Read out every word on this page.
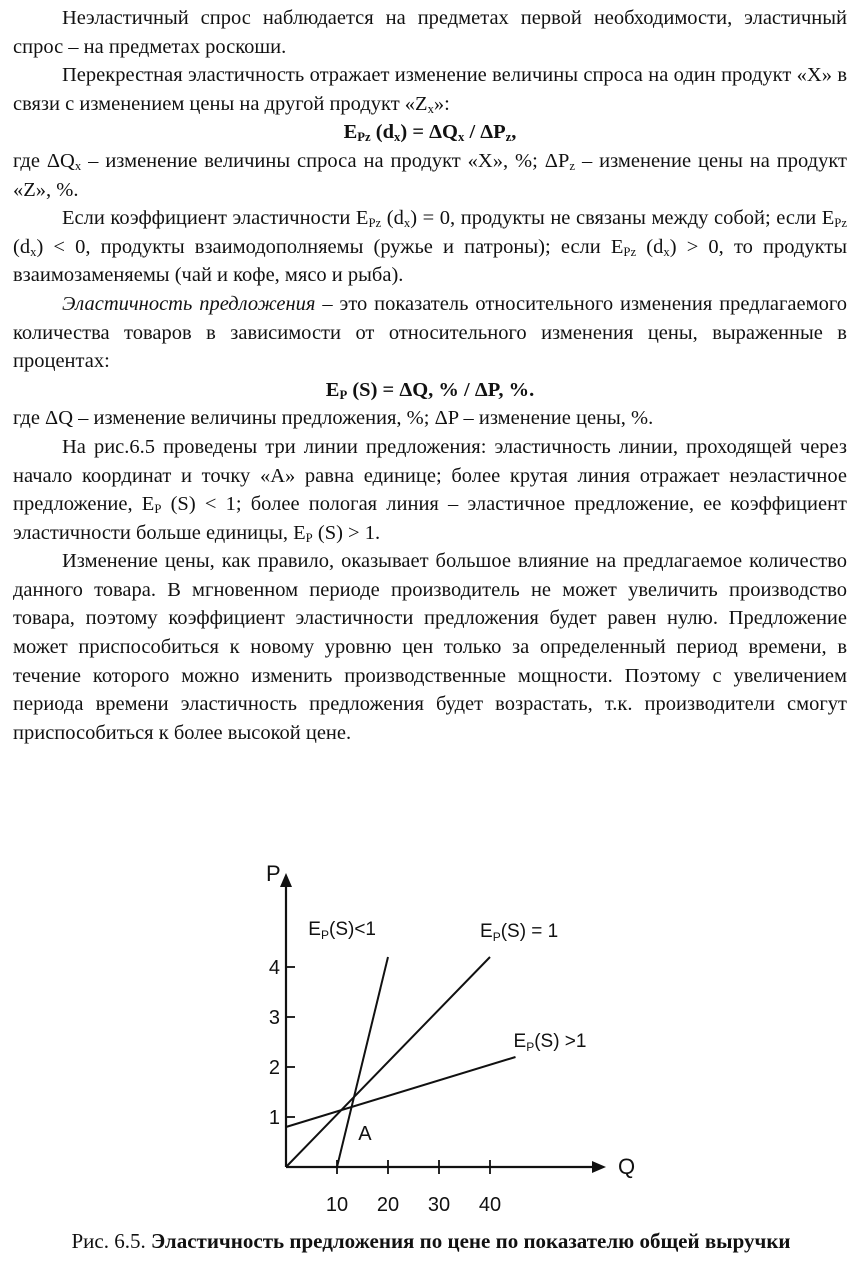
Неэластичный спрос наблюдается на предметах первой необходимости, эластичный спрос – на предметах роскоши.

Перекрестная эластичность отражает изменение величины спроса на один продукт «X» в связи с изменением цены на другой продукт «$Z_x$»:

$E_{Pz}$ $(d_x) = \Delta Q_x / \Delta P_z$,

где $\Delta Q_x$ – изменение величины спроса на продукт «X», %; $\Delta P_z$ – изменение цены на продукт «Z», %.

Если коэффициент эластичности $E_{Pz}$ $(d_x) = 0$, продукты не связаны между собой; если $E_{Pz}$ $(d_x) < 0$, продукты взаимодополняемы (ружье и патроны); если $E_{Pz}$ $(d_x) > 0$, то продукты взаимозаменяемы (чай и кофе, мясо и рыба).

Эластичность предложения – это показатель относительного изменения предлагаемого количества товаров в зависимости от относительного изменения цены, выраженные в процентах:

$E_P$ (S) = ΔQ, % / ΔP, %.

где ΔQ – изменение величины предложения, %; ΔP – изменение цены, %.

На рис.6.5 проведены три линии предложения: эластичность линии, проходящей через начало координат и точку «А» равна единице; более крутая линия отражает неэластичное предложение, $E_P$ (S) < 1; более пологая линия – эластичное предложение, ее коэффициент эластичности больше единицы, $E_P$ (S) > 1.

Изменение цены, как правило, оказывает большое влияние на предлагаемое количество данного товара. В мгновенном периоде производитель не может увеличить производство товара, поэтому коэффициент эластичности предложения будет равен нулю. Предложение может приспособиться к новому уровню цен только за определенный период времени, в течение которого можно изменить производственные мощности. Поэтому с увеличением периода времени эластичность предложения будет возрастать, т.к. производители смогут приспособиться к более высокой цене.

Q
P
10 20 30 40
1
2
3
4
$E_P(S)<1$	$E_P(S) = 1$
$E_P(S) >1$
A
Рис. 6.5. Эластичность предложения по цене по показателю общей выручки
